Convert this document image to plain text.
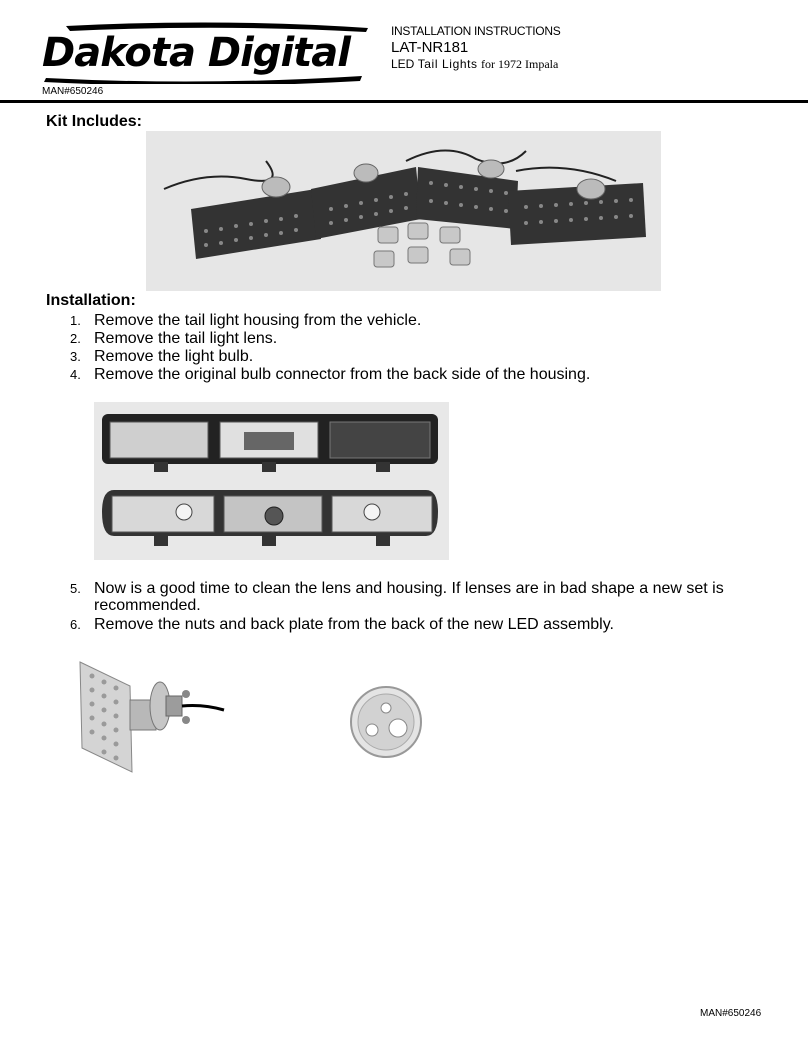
Dakota Digital
MAN#650246
INSTALLATION INSTRUCTIONS
LAT-NR181
LED Tail Lights for 1972 Impala
Kit Includes:
Installation:
1. Remove the tail light housing from the vehicle.
2. Remove the tail light lens.
3. Remove the light bulb.
4. Remove the original bulb connector from the back side of the housing.
5. Now is a good time to clean the lens and housing. If lenses are in bad shape a new set is recommended.
6. Remove the nuts and back plate from the back of the new LED assembly.
MAN#650246
